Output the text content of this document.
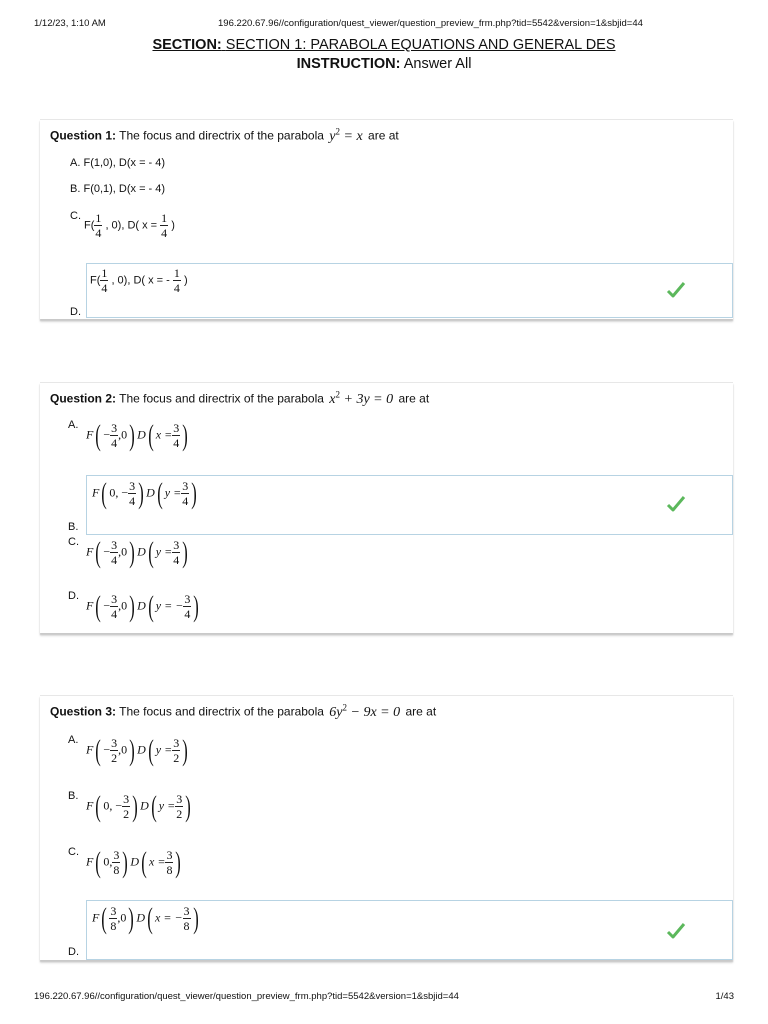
1/12/23, 1:10 AM	196.220.67.96//configuration/quest_viewer/question_preview_frm.php?tid=5542&version=1&sbjid=44
SECTION: SECTION 1: PARABOLA EQUATIONS AND GENERAL DES
INSTRUCTION: Answer All
Question 1: The focus and directrix of the parabola $y^2 = x$ are at
A. F(1,0), D(x = - 4)
B. F(0,1), D(x = - 4)
C.
$F( \frac{1}{4}$ , 0), D( $x = \frac{1}{4}$ )
$F( \frac{1}{4}$ , 0), D( x = - $\frac{1}{4}$ )
D.
Question 2: The focus and directrix of the parabola $x^2 + 3y = 0$ are at
A.
$F( - \frac{3}{4} ,0)$ D( $x = \frac{3}{4}$ )
F( 0, − $\frac{3}{4}$ ) D( $y = \frac{3}{4}$ )
B.
C.
$F( - \frac{3}{4} ,0)$ D( $y = \frac{3}{4}$ )
D.
$F( - \frac{3}{4} ,0)$ D( y = − $\frac{3}{4}$ )
Question 3: The focus and directrix of the parabola $6y^2 - 9x = 0$ are at
A.
$F( - \frac{3}{2} ,0)$ D( $y = \frac{3}{2}$ )
B.
F( 0, − $\frac{3}{2}$ ) D( $y = \frac{3}{2}$ )
C.
F( 0, $\frac{3}{8}$ ) D( $x = \frac{3}{8}$ )
$F( \frac{3}{8} ,0)$ D( x = − $\frac{3}{8}$ )
D.
196.220.67.96//configuration/quest_viewer/question_preview_frm.php?tid=5542&version=1&sbjid=44	1/43
